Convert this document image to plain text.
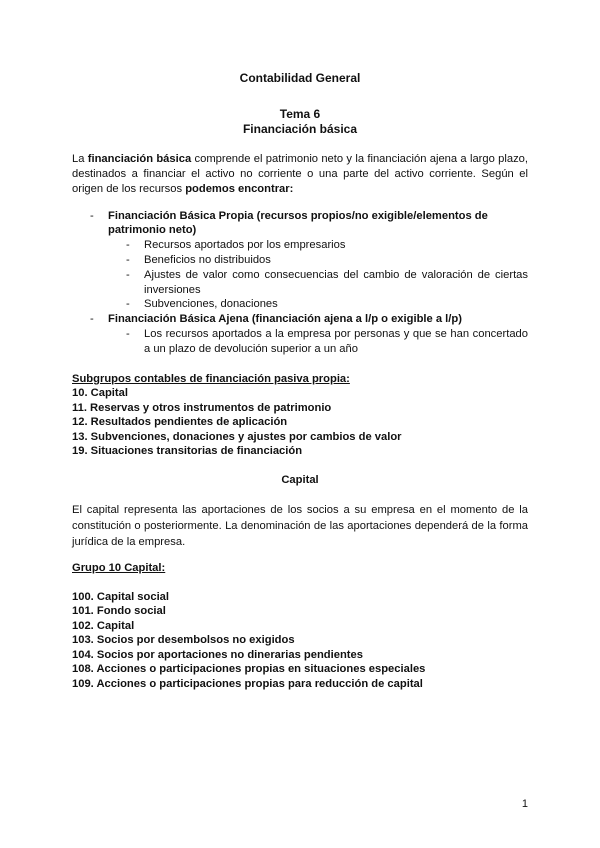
Contabilidad General
Tema 6
Financiación básica
La financiación básica comprende el patrimonio neto y la financiación ajena a largo plazo, destinados a financiar el activo no corriente o una parte del activo corriente. Según el origen de los recursos podemos encontrar:
- Financiación Básica Propia (recursos propios/no exigible/elementos de
patrimonio neto)
- Recursos aportados por los empresarios
- Beneficios no distribuidos
- Ajustes de valor como consecuencias del cambio de valoración de ciertas inversiones
- Subvenciones, donaciones
- Financiación Básica Ajena (financiación ajena a l/p o exigible a l/p)
- Los recursos aportados a la empresa por personas y que se han concertado a un plazo de devolución superior a un año
Subgrupos contables de financiación pasiva propia:
10. Capital
11. Reservas y otros instrumentos de patrimonio
12. Resultados pendientes de aplicación
13. Subvenciones, donaciones y ajustes por cambios de valor
19. Situaciones transitorias de financiación
Capital
El capital representa las aportaciones de los socios a su empresa en el momento de la constitución o posteriormente. La denominación de las aportaciones dependerá de la forma jurídica de la empresa.
Grupo 10 Capital:
100. Capital social
101. Fondo social
102. Capital
103. Socios por desembolsos no exigidos
104. Socios por aportaciones no dinerarias pendientes
108. Acciones o participaciones propias en situaciones especiales
109. Acciones o participaciones propias para reducción de capital
1
